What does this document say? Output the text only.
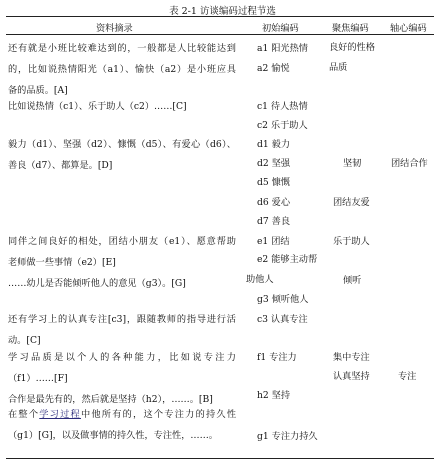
表 2-1 访谈编码过程节选
资料摘录	初始编码	聚焦编码 轴心编码
还有就是小班比较难达到的，一般都是人比较能达到
的，比如说热情阳光（a1）、愉快（a2）是小班应具
备的品质。[A]
比如说热情（c1）、乐于助人（c2）……[C]
毅力（d1）、坚强（d2）、慷慨（d5）、有爱心（d6）、
善良（d7）、都算是。[D]
同伴之间良好的相处，团结小朋友（e1）、愿意帮助
老师做一些事情（e2）[E]
……幼儿是否能倾听他人的意见（g3）。[G]
还有学习上的认真专注[c3]，跟随教师的指导进行活
动。[C]
学习品质是以个人的各种能力，比如说专注力
（f1）……[F]
合作是最先有的，然后就是坚持（h2），……。[B]
在整个学习过程中他所有的，这个专注力的持久性
（g1）[G]，以及做事情的持久性，专注性，……。
a1 阳光热情
a2 愉悦
c1 待人热情
c2 乐于助人
d1 毅力
d2 坚强
d5 慷慨
d6 爱心
d7 善良
e1 团结
e2 能够主动帮助他人
g3 倾听他人
c3 认真专注
f1 专注力
h2 坚持
g1 专注力持久
良好的性格品质
坚韧
团结友爱
乐于助人
倾听
集中专注
认真坚持
团结合作
专注
